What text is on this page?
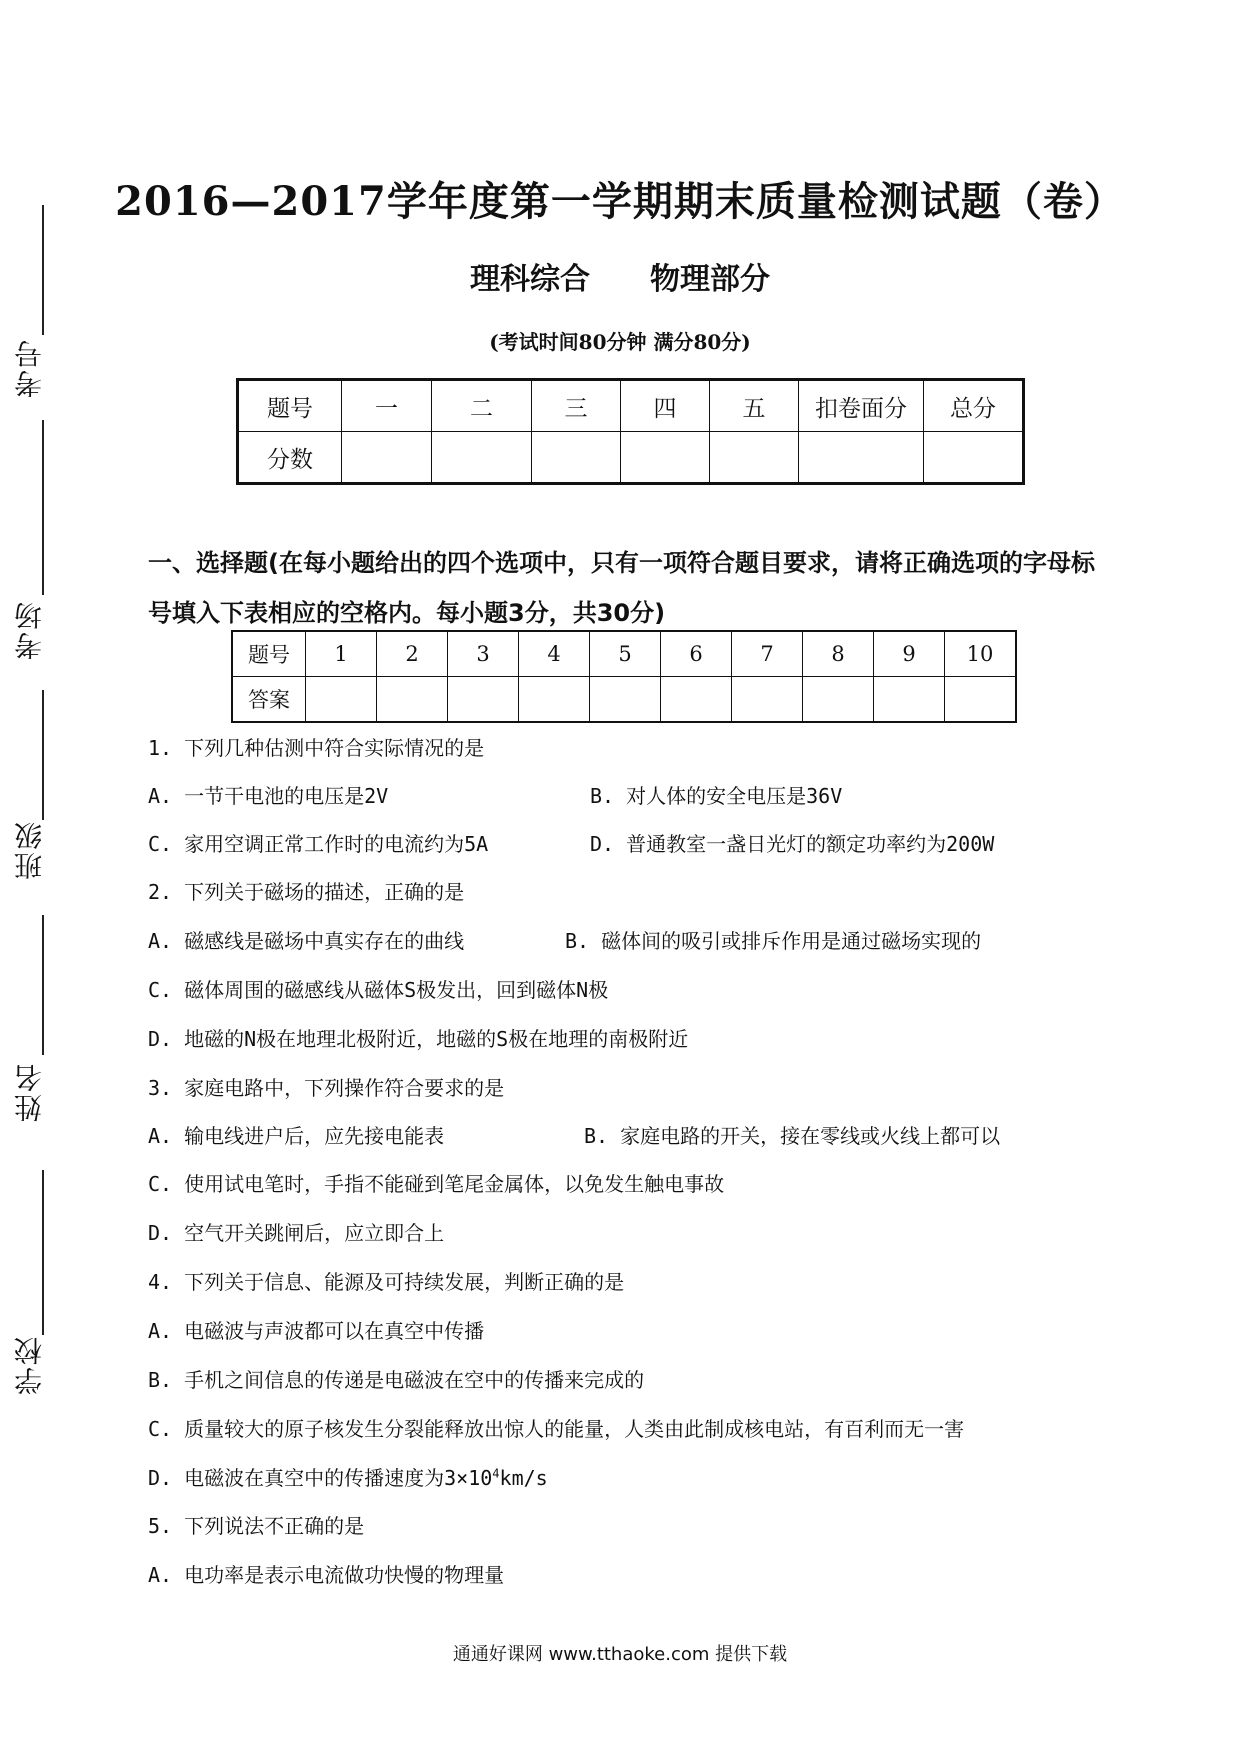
考号
考场
班级
姓名
学校
2016—2017学年度第一学期期末质量检测试题（卷）
理科综合 物理部分
(考试时间80分钟 满分80分)
题号	一	二	三	四	五	扣卷面分	总分
分数							
一、选择题(在每小题给出的四个选项中，只有一项符合题目要求，请将正确选项的字母标号填入下表相应的空格内。每小题3分，共30分)
题号	1	2	3	4	5	6	7	8	9	10
答案										
1. 下列几种估测中符合实际情况的是
A. 一节干电池的电压是2V	B. 对人体的安全电压是36V
C. 家用空调正常工作时的电流约为5A	D. 普通教室一盏日光灯的额定功率约为200W
2. 下列关于磁场的描述，正确的是
A. 磁感线是磁场中真实存在的曲线	B. 磁体间的吸引或排斥作用是通过磁场实现的
C. 磁体周围的磁感线从磁体S极发出，回到磁体N极
D. 地磁的N极在地理北极附近，地磁的S极在地理的南极附近
3. 家庭电路中，下列操作符合要求的是
A. 输电线进户后，应先接电能表	B. 家庭电路的开关，接在零线或火线上都可以
C. 使用试电笔时，手指不能碰到笔尾金属体，以免发生触电事故
D. 空气开关跳闸后，应立即合上
4. 下列关于信息、能源及可持续发展，判断正确的是
A. 电磁波与声波都可以在真空中传播
B. 手机之间信息的传递是电磁波在空中的传播来完成的
C. 质量较大的原子核发生分裂能释放出惊人的能量，人类由此制成核电站，有百利而无一害
D. 电磁波在真空中的传播速度为$3\times 10^4km/s$
5. 下列说法不正确的是
A. 电功率是表示电流做功快慢的物理量
通通好课网 www.tthaoke.com 提供下载
